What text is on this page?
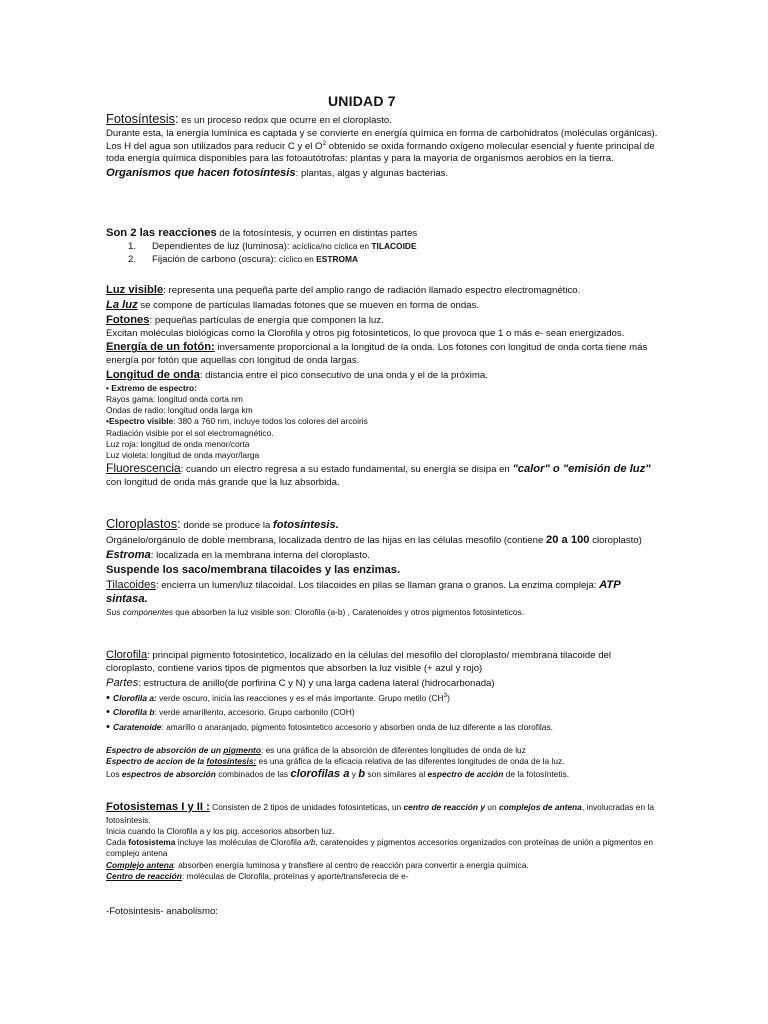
UNIDAD 7

Fotosíntesis: es un proceso redox que ocurre en el cloroplasto.

Durante esta, la energía lumínica es captada y se convierte en energía química en forma de carbohidratos (moléculas orgánicas).

Los H del agua son utilizados para reducir C y el $O^2$ obtenido se oxida formando oxígeno molecular esencial y fuente principal de toda energía química disponibles para las fotoautótrofas: plantas y para la mayoría de organismos aerobios en la tierra.

Organismos que hacen fotosíntesis: plantas, algas y algunas bacterias.

Son 2 las reacciones de la fotosíntesis, y ocurren en distintas partes

1. Dependientes de luz (luminosa): acíclica/no cíclica en TILACOIDE
2. Fijación de carbono (oscura): cíclico en ESTROMA

Luz visible: representa una pequeña parte del amplio rango de radiación llamado espectro electromagnético.

La luz se compone de partículas llamadas fotones que se mueven en forma de ondas.

Fotones: pequeñas partículas de energía que componen la luz.

Excitan moléculas biológicas como la Clorofila y otros pig fotosinteticos, lo que provoca que 1 o más e- sean energizados.

Energía de un fotón: inversamente proporcional a la longitud de la onda. Los fotones con longitud de onda corta tiene más energía por fotón que aquellas con longitud de onda largas.

Longitud de onda: distancia entre el pico consecutivo de una onda y el de la próxima.

• Extremo de espectro:

Rayos gama: longitud onda corta nm

Ondas de radio: longitud onda larga km

•Espectro visible: 380 a 760 nm, incluye todos los colores del arcoiris

Radiación visible por el sol electromagnético.

Luz roja: longitud de onda menor/corta

Luz violeta: longitud de onda mayor/larga

Fluorescencia: cuando un electro regresa a su estado fundamental, su energía se disipa en "calor" o "emisión de luz"

con longitud de onda más grande que la luz absorbida.

Cloroplastos: donde se produce la fotosíntesis.

Orgánelo/orgánulo de doble membrana, localizada dentro de las hijas en las células mesofilo (contiene 20 a 100 cloroplasto)

Estroma: localizada en la membrana interna del cloroplasto.

Suspende los saco/membrana tilacoides y las enzimas.

Tilacoides: encierra un lumen/luz tilacoidal. Los tilacoides en pilas se llaman grana o granos. La enzima compleja: ATP sintasa.

Sus componentes que absorben la luz visible son: Clorofila (a-b) , Caratenoides y otros pigmentos fotosinteticos.

Clorofila: principal pigmento fotosintetico, localizado en la células del mesofilo del cloroplasto/ membrana tilacoide del cloroplasto, contiene varios tipos de pigmentos que absorben la luz visible (+ azul y rojo)

Partes: estructura de anillo(de porfirina C y N) y una larga cadena lateral (hidrocarbonada)

• Clorofila a: verde oscuro, inicia las reacciones y es el más importante. Grupo metilo $(CH^3)$

• Clorofila b: verde amarillento, accesorio. Grupo carbonilo (COH)

• Caratenoide: amarillo o anaranjado, pigmento fotosintetico accesorio y absorben onda de luz diferente a las clorofilas.

Espectro de absorción de un pigmento: es una gráfica de la absorción de diferentes longitudes de onda de luz

Espectro de accion de la fotosíntesis: es una gráfica de la eficacia relativa de las diferentes longitudes de onda de la luz.

Los espectros de absorción combinados de las clorofilas a y b son similares al espectro de acción de la fotosíntetis.

Fotosistemas I y II : Consisten de 2 tipos de unidades fotosinteticas, un centro de reacción y un complejos de antena, involucradas en la fotosíntesis.

Inicia cuando la Clorofila a y los pig. accesorios absorben luz.

Cada fotosistema incluye las moléculas de Clorofila a/b, caratenoides y pigmentos accesorios organizados con proteínas de unión a pigmentos en complejo antena

Complejo antena: absorben energía luminosa y transfiere al centro de reacción para convertir a energía química.

Centro de reacción: moléculas de Clorofila, proteínas y aporte/transferecia de e-

-Fotosintesis- anabolismo:
